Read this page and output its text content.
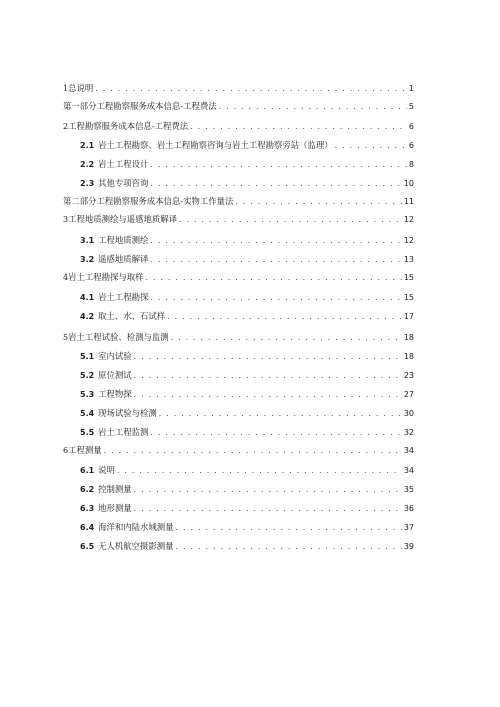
1 总说明 . . .	1
第一部分工程勘察服务成本信息-工程费法 . . .	5
2 工程勘察服务成本信息-工程费法 . . .	6
2.1 岩土工程勘察、岩土工程勘察咨询与岩土工程勘察旁站（监理） . . .	6
2.2 岩土工程设计 . . .	8
2.3 其他专项咨询 . . .	10
第二部分工程勘察服务成本信息-实物工作量法 . . .	11
3 工程地质测绘与遥感地质解译 . . .	12
3.1 工程地质测绘 . . .	12
3.2 遥感地质解译 . . .	13
4 岩土工程勘探与取样 . . .	15
4.1 岩土工程勘探 . . .	15
4.2 取土、水、石试样 . . .	17
5 岩土工程试验、检测与监测 . . .	18
5.1 室内试验 . . .	18
5.2 原位测试 . . .	23
5.3 工程物探 . . .	27
5.4 现场试验与检测 . . .	30
5.5 岩土工程监测 . . .	32
6 工程测量 . . .	34
6.1 说明 . . .	34
6.2 控制测量 . . .	35
6.3 地形测量 . . .	36
6.4 海洋和内陆水域测量 . . .	37
6.5 无人机航空摄影测量 . . .	39
